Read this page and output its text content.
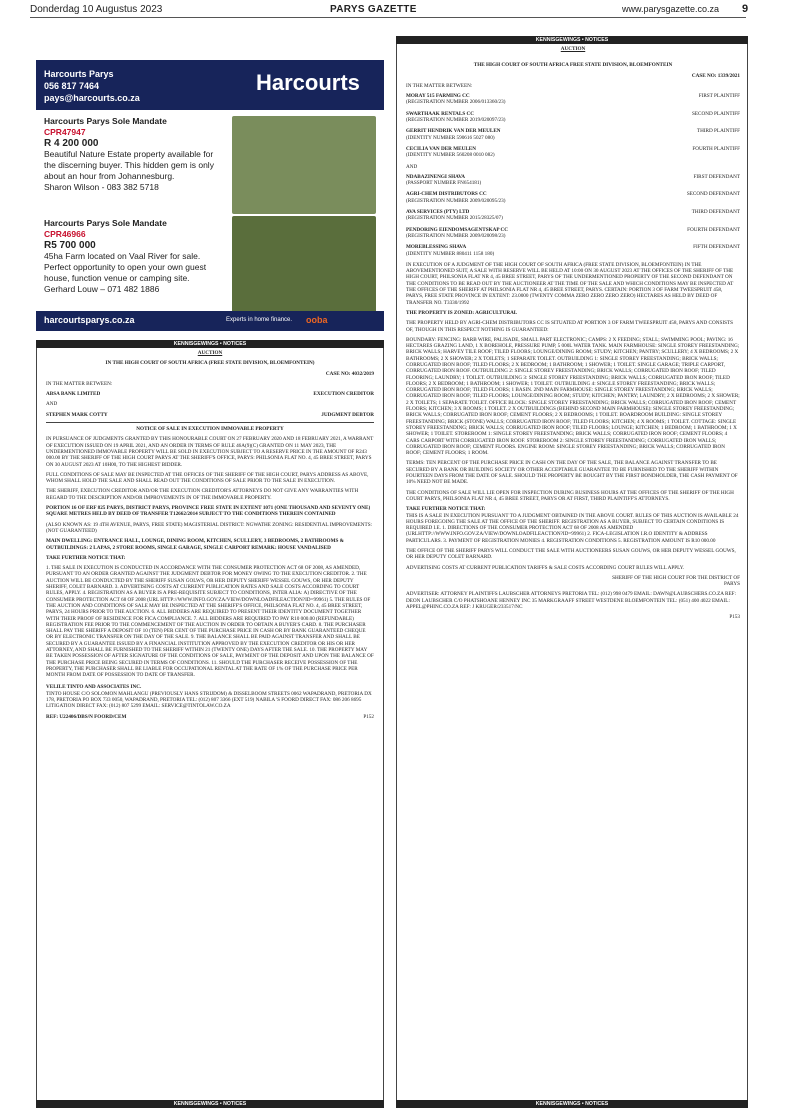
Donderdag 10 Augustus 2023	PARYS GAZETTE	www.parysgazette.co.za 9
Harcourts Parys
056 817 7464
pays@harcourts.co.za
Harcourts
Harcourts Parys Sole Mandate
CPR47947
R 4 200 000
Beautiful Nature Estate property available for the discerning buyer. This hidden gem is only about an hour from Johannesburg.
Sharon Wilson - 083 382 5718
Harcourts Parys Sole Mandate
CPR46966
R5 700 000
45ha Farm located on Vaal River for sale. Perfect opportunity to open your own guest house, function venue or camping site.
Gerhard Louw – 071 482 1886
harcourtsparys.co.za	Experts in home finance. ooba
KENNISGEWINGS • NOTICES

AUCTION

IN THE HIGH COURT OF SOUTH AFRICA (FREE STATE DIVISION, BLOEMFONTEIN)

CASE NO: 4032/2019

IN THE MATTER BETWEEN:

ABSA BANK LIMITED	EXECUTION CREDITOR

AND

STEPHEN MARK COTTY	JUDGMENT DEBTOR

NOTICE OF SALE IN EXECUTION IMMOVABLE PROPERTY

IN PURSUANCE OF JUDGMENTS GRANTED BY THIS HONOURABLE COURT ON 27 FEBRUARY 2020 AND 18 FEBRUARY 2021, A WARRANT OF EXECUTION ISSUED ON 19 APRIL 2021, AND AN ORDER IN TERMS OF RULE 46A(9)(C) GRANTED ON 11 MAY 2023, THE UNDERMENTIONED IMMOVABLE PROPERTY WILL BE SOLD IN EXECUTION SUBJECT TO A RESERVE PRICE IN THE AMOUNT OF R243 000.00 BY THE SHERIFF OF THE HIGH COURT PARYS AT THE SHERIFF'S OFFICE, PARYS: PHILSONIA FLAT NO. 4, 45 BREE STREET, PARYS ON 30 AUGUST 2023 AT 10H00, TO THE HIGHEST BIDDER.

FULL CONDITIONS OF SALE MAY BE INSPECTED AT THE OFFICES OF THE SHERIFF OF THE HIGH COURT, PARYS ADDRESS AS ABOVE, WHOM SHALL HOLD THE SALE AND SHALL READ OUT THE CONDITIONS OF SALE PRIOR TO THE SALE IN EXECUTION.

THE SHERIFF, EXECUTION CREDITOR AND/OR THE EXECUTION CREDITOR'S ATTORNEYS DO NOT GIVE ANY WARRANTIES WITH REGARD TO THE DESCRIPTION AND/OR IMPROVEMENTS IN OF THE IMMOVABLE PROPERTY.

PORTION 16 OF ERF 825 PARYS, DISTRICT PARYS, PROVINCE FREE STATE IN EXTENT 1071 (ONE THOUSAND AND SEVENTY ONE) SQUARE METRES HELD BY DEED OF TRANSFER T12662/2014 SUBJECT TO THE CONDITIONS THEREIN CONTAINED

(ALSO KNOWN AS: 19 4TH AVENUE, PARYS, FREE STATE) MAGISTERIAL DISTRICT: NGWATHE ZONING: RESIDENTIAL IMPROVEMENTS: (NOT GUARANTEED)

MAIN DWELLING: ENTRANCE HALL, LOUNGE, DINING ROOM, KITCHEN, SCULLERY, 3 BEDROOMS, 2 BATHROOMS & OUTBUILDINGS: 2 LAPAS, 2 STORE ROOMS, SINGLE GARAGE, SINGLE CARPORT REMARK: HOUSE VANDALISED

TAKE FURTHER NOTICE THAT:

1. THE SALE IN EXECUTION IS CONDUCTED IN ACCORDANCE WITH THE CONSUMER PROTECTION ACT 68 OF 2008, AS AMENDED, PURSUANT TO AN ORDER GRANTED AGAINST THE JUDGMENT DEBTOR FOR MONEY OWING TO THE EXECUTION CREDITOR. 2. THE AUCTION WILL BE CONDUCTED BY THE SHERIFF SUSAN GOLWS, OR HER DEPUTY SHERIFF WESSEL GOUWS, OR HER DEPUTY SHERIFF, COLET BARNARD. 3. ADVERTISING COSTS AT CURRENT PUBLICATION RATES AND SALE COSTS ACCORDING TO COURT RULES, APPLY. 4. REGISTRATION AS A BUYER IS A PRE-REQUISITE SUBJECT TO CONDITIONS, INTER ALIA: A) DIRECTIVE OF THE CONSUMER PROTECTION ACT 68 OF 2008 (URL HTTP://WWW.INFO.GOV.ZA/VIEW/DOWNLOADFILEACTION?ID=99961) 5. THE RULES OF THE AUCTION AND CONDITIONS OF SALE MAY BE INSPECTED AT THE SHERIFF'S OFFICE, PHILSONIA FLAT NO. 4, 45 BREE STREET, PARYS, 24 HOURS PRIOR TO THE AUCTION. 6. ALL BIDDERS ARE REQUIRED TO PRESENT THEIR IDENTITY DOCUMENT TOGETHER WITH THEIR PROOF OF RESIDENCE FOR FICA COMPLIANCE. 7. ALL BIDDERS ARE REQUIRED TO PAY R10 000.00 (REFUNDABLE) REGISTRATION FEE PRIOR TO THE COMMENCEMENT OF THE AUCTION IN ORDER TO OBTAIN A BUYER'S CARD. 8. THE PURCHASER SHALL PAY THE SHERIFF A DEPOSIT OF 10 (TEN) PER CENT OF THE PURCHASE PRICE IN CASH OR BY BANK GUARANTEED CHEQUE OR BY ELECTRONIC TRANSFER ON THE DAY OF THE SALE. 9. THE BALANCE SHALL BE PAID AGAINST TRANSFER AND SHALL BE SECURED BY A GUARANTEE ISSUED BY A FINANCIAL INSTITUTION APPROVED BY THE EXECUTION CREDITOR OR HIS OR HER ATTORNEY, AND SHALL BE FURNISHED TO THE SHERIFF WITHIN 21 (TWENTY ONE) DAYS AFTER THE SALE. 10. THE PROPERTY MAY BE TAKEN POSSESSION OF AFTER SIGNATURE OF THE CONDITIONS OF SALE, PAYMENT OF THE DEPOSIT AND UPON THE BALANCE OF THE PURCHASE PRICE BEING SECURED IN TERMS OF CONDITIONS. 11. SHOULD THE PURCHASER RECEIVE POSSESSION OF THE PROPERTY, THE PURCHASER SHALL BE LIABLE FOR OCCUPATIONAL RENTAL AT THE RATE OF 1% OF THE PURCHASE PRICE PER MONTH FROM DATE OF POSSESSION TO DATE OF TRANSFER.

VELILE TINTO AND ASSOCIATES INC.

TINTO HOUSE C/O SOLOMON MAHLANGU (PREVIOUSLY HANS STRIJDOM) & DISSELBOOM STREETS 0062 WAPADRAND, PRETORIA DX 178, PRETORIA PO BOX 733 0050, WAPADRAND, PRETORIA TEL: (012) 807 3366 (EXT 519) NABILA 'S FOORD DIRECT FAX: 086 206 8695 LITIGATION DIRECT FAX: (012) 807 5299 EMAIL: SERVICE@TINTOLAW.CO.ZA

REF: U22406/DBS/N FOORD/CEM	P152
KENNISGEWINGS • NOTICES
KENNISGEWINGS • NOTICES

AUCTION

THE HIGH COURT OF SOUTH AFRICA FREE STATE DIVISION, BLOEMFONTEIN

CASE NO: 1339/2021

IN THE MATTER BETWEEN:

MORAY 515 FARMING CC	FIRST PLAINTIFF
(REGISTRATION NUMBER 2006/013360/23)
SWARTHAAK RENTALS CC	SECOND PLAINTIFF
(REGISTRATION NUMBER 2019/020097/23)
GERRIT HENDRIK VAN DER MEULEN	THIRD PLAINTIFF
(IDENTITY NUMBER 590616 5027 080)
CECILIA VAN DER MEULEN	FOURTH PLAINTIFF
(IDENTITY NUMBER 560208 0010 082)

AND

NDABAZINENGI SHAVA	FIRST DEFENDANT
(PASSPORT NUMBER FN654181)
AGRI-CHEM DISTRIBUTORS CC	SECOND DEFENDANT
(REGISTRATION NUMBER 2009/020095/23)
AVA SERVICES (PTY) LTD	THIRD DEFENDANT
(REGISTRATION NUMBER 2015/28325/07)
PENDORING EIENDOMSAGENTSKAP CC	FOURTH DEFENDANT
(REGISTRATION NUMBER 2009/020098/23)
MOREBLESSING SHAVA	FIFTH DEFENDANT
(IDENTITY NUMBER 880411 1158 180)

IN EXECUTION OF A JUDGMENT OF THE HIGH COURT OF SOUTH AFRICA (FREE STATE DIVISION, BLOEMFONTEIN) IN THE ABOVEMENTIONED SUIT, A SALE WITH RESERVE WILL BE HELD AT 10:00 ON 30 AUGUST 2023 AT THE OFFICES OF THE SHERIFF OF THE HIGH COURT, PHILSONIA FLAT NR 4, 45 BREE STREET, PARYS OF THE UNDERMENTIONED PROPERTY OF THE SECOND DEFENDANT ON THE CONDITIONS TO BE READ OUT BY THE AUCTIONEER AT THE TIME OF THE SALE AND WHICH CONDITIONS MAY BE INSPECTED AT THE OFFICES OF THE SHERIFF AT PHILSONIA FLAT NR 4, 45 BREE STREET, PARYS. CERTAIN: PORTION 3 OF FARM TWEESPRUIT 458, PARYS, FREE STATE PROVINCE IN EXTENT: 23.0000 (TWENTY COMMA ZERO ZERO ZERO ZERO) HECTARES AS HELD BY DEED OF TRANSFER NO. T3330/1992

THE PROPERTY IS ZONED: AGRICULTURAL

THE PROPERTY HELD BY AGRI-CHEM DISTRIBUTORS CC IS SITUATED AT PORTION 3 OF FARM TWEESPRUIT 458, PARYS AND CONSISTS OF, THOUGH IN THIS RESPECT NOTHING IS GUARANTEED:

BOUNDARY: FENCING: BARB WIRE, PALISADE, SMALL PART ELECTRONIC; CAMPS: 2 X FEEDING; STALL; SWIMMING POOL; PAVING: 16 HECTARES GRAZING LAND, 1 X BOREHOLE, PRESSURE PUMP, 5 000L WATER TANK. MAIN FARMHOUSE: SINGLE STOREY FREESTANDING; BRICK WALLS; HARVEY TILE ROOF; TILED FLOORS; LOUNGE/DINING ROOM; STUDY; KITCHEN; PANTRY; SCULLERY; 4 X BEDROOMS; 2 X BATHROOMS; 2 X SHOWER; 2 X TOILETS; 1 SEPARATE TOILET. OUTBUILDING 1: SINGLE STOREY FREESTANDING; BRICK WALLS; CORRUGATED IRON ROOF; TILED FLOORS; 2 X BEDROOM; 1 BATHROOM; 1 SHOWER; 1 TOILET. SINGLE GARAGE; TRIPLE CARPORT, CORRUGATED IRON ROOF. OUTBUILDING 2: SINGLE STOREY FREESTANDING; BRICK WALLS; CORRUGATED IRON ROOF; TILED FLOORING; LAUNDRY; 1 TOILET. OUTBUILDING 3: SINGLE STOREY FREESTANDING; BRICK WALLS; CORRUGATED IRON ROOF; TILED FLOORS; 2 X BEDROOM; 1 BATHROOM; 1 SHOWER; 1 TOILET. OUTBUILDING 4: SINGLE STOREY FREESTANDING; BRICK WALLS; CORRUGATED IRON ROOF; TILED FLOORS; 1 BASIN. 2ND MAIN FARMHOUSE: SINGLE STOREY FREESTANDING; BRICK WALLS; CORRUGATED IRON ROOF; TILED FLOORS; LOUNGE/DINING ROOM; STUDY; KITCHEN; PANTRY; LAUNDRY; 2 X BEDROOMS; 2 X SHOWER; 2 X TOILETS; 1 SEPARATE TOILET. OFFICE BLOCK: SINGLE STOREY FREESTANDING; BRICK WALLS; CORRUGATED IRON ROOF; CEMENT FLOORS; KITCHEN; 3 X ROOMS; 1 TOILET. 2 X OUTBUILDINGS (BEHIND SECOND MAIN FARMHOUSE): SINGLE STOREY FREESTANDING; BRICK WALLS; CORRUGATED IRON ROOF; CEMENT FLOORS; 2 X BEDROOMS; 1 TOILET. BOARDROOM BUILDING: SINGLE STOREY FREESTANDING; BRICK (STONE) WALLS; CORRUGATED IRON ROOF; TILED FLOORS; KITCHEN; 4 X ROOMS; 1 TOILET. COTTAGE: SINGLE STOREY FREESTANDING; BRICK WALLS; CORRUGATED IRON ROOF; TILED FLOORS; LOUNGE; KITCHEN; 1 BEDROOM; 1 BATHROOM; 1 X SHOWER; 1 TOILET. STOREROOM 1: SINGLE STOREY FREESTANDING; BRICK WALLS; CORRUGATED IRON ROOF; CEMENT FLOORS; 4 CARS CARPORT WITH CORRUGATED IRON ROOF. STOREROOM 2: SINGLE STOREY FREESTANDING; CORRUGATED IRON WALLS; CORRUGATED IRON ROOF; CEMENT FLOORS. ENGINE ROOM: SINGLE STOREY FREESTANDING; BRICK WALLS; CORRUGATED IRON ROOF; CEMENT FLOORS; 1 ROOM.

TERMS: TEN PERCENT OF THE PURCHASE PRICE IN CASH ON THE DAY OF THE SALE, THE BALANCE AGAINST TRANSFER TO BE SECURED BY A BANK OR BUILDING SOCIETY OR OTHER ACCEPTABLE GUARANTEE TO BE FURNISHED TO THE SHERIFF WITHIN FOURTEEN DAYS FROM THE DATE OF SALE. SHOULD THE PROPERTY BE BOUGHT BY THE FIRST BONDHOLDER, THE CASH PAYMENT OF 10% NEED NOT BE MADE.

THE CONDITIONS OF SALE WILL LIE OPEN FOR INSPECTION DURING BUSINESS HOURS AT THE OFFICES OF THE SHERIFF OF THE HIGH COURT PARYS, PHILSONIA FLAT NR 4, 45 BREE STREET, PARYS OR AT FIRST, THIRD PLAINTIFF'S ATTORNEYS.

TAKE FURTHER NOTICE THAT:

THIS IS A SALE IN EXECUTION PURSUANT TO A JUDGMENT OBTAINED IN THE ABOVE COURT. RULES OF THIS AUCTION IS AVAILABLE 24 HOURS FOREGOING THE SALE AT THE OFFICE OF THE SHERIFF. REGISTRATION AS A BUYER, SUBJECT TO CERTAIN CONDITIONS IS REQUIRED I.E. 1. DIRECTIONS OF THE CONSUMER PROTECTION ACT 68 OF 2008 AS AMENDED (URLHTTP://WWW.INFO.GOV.ZA/VIEW/DOWNLOADFILEACTION?ID=99961) 2. FICA-LEGISLATION I.R.O IDENTITY & ADDRESS PARTICULARS. 3. PAYMENT OF REGISTRATION MONIES 4. REGISTRATION CONDITIONS 5. REGISTRATION AMOUNT IS R10 000.00

THE OFFICE OF THE SHERIFF PARYS WILL CONDUCT THE SALE WITH AUCTIONEERS SUSAN GOUWS, OR HER DEPUTY WESSEL GOUWS, OR HER DEPUTY COLET BARNARD.

ADVERTISING COSTS AT CURRENT PUBLICATION TARIFFS & SALE COSTS ACCORDING COURT RULES WILL APPLY.

SHERIFF OF THE HIGH COURT FOR THE DISTRICT OF PARYS

ADVERTISER: ATTORNEY PLAINTIFFS LAUBSCHER ATTORNEYS PRETORIA TEL: (012) 998 0479 EMAIL: DAWN@LAUBSCHERS.CO.ZA REF: DEON LAUBSCHER C/O PHATSHOANE HENNEY INC 35 MARKGRAAFF STREET WESTDENE BLOEMFONTEIN TEL: (051) 400 4022 EMAIL: APPEL@PHINC.CO.ZA REF: J KRUGER/233517/NC

P153

KENNISGEWINGS • NOTICES
